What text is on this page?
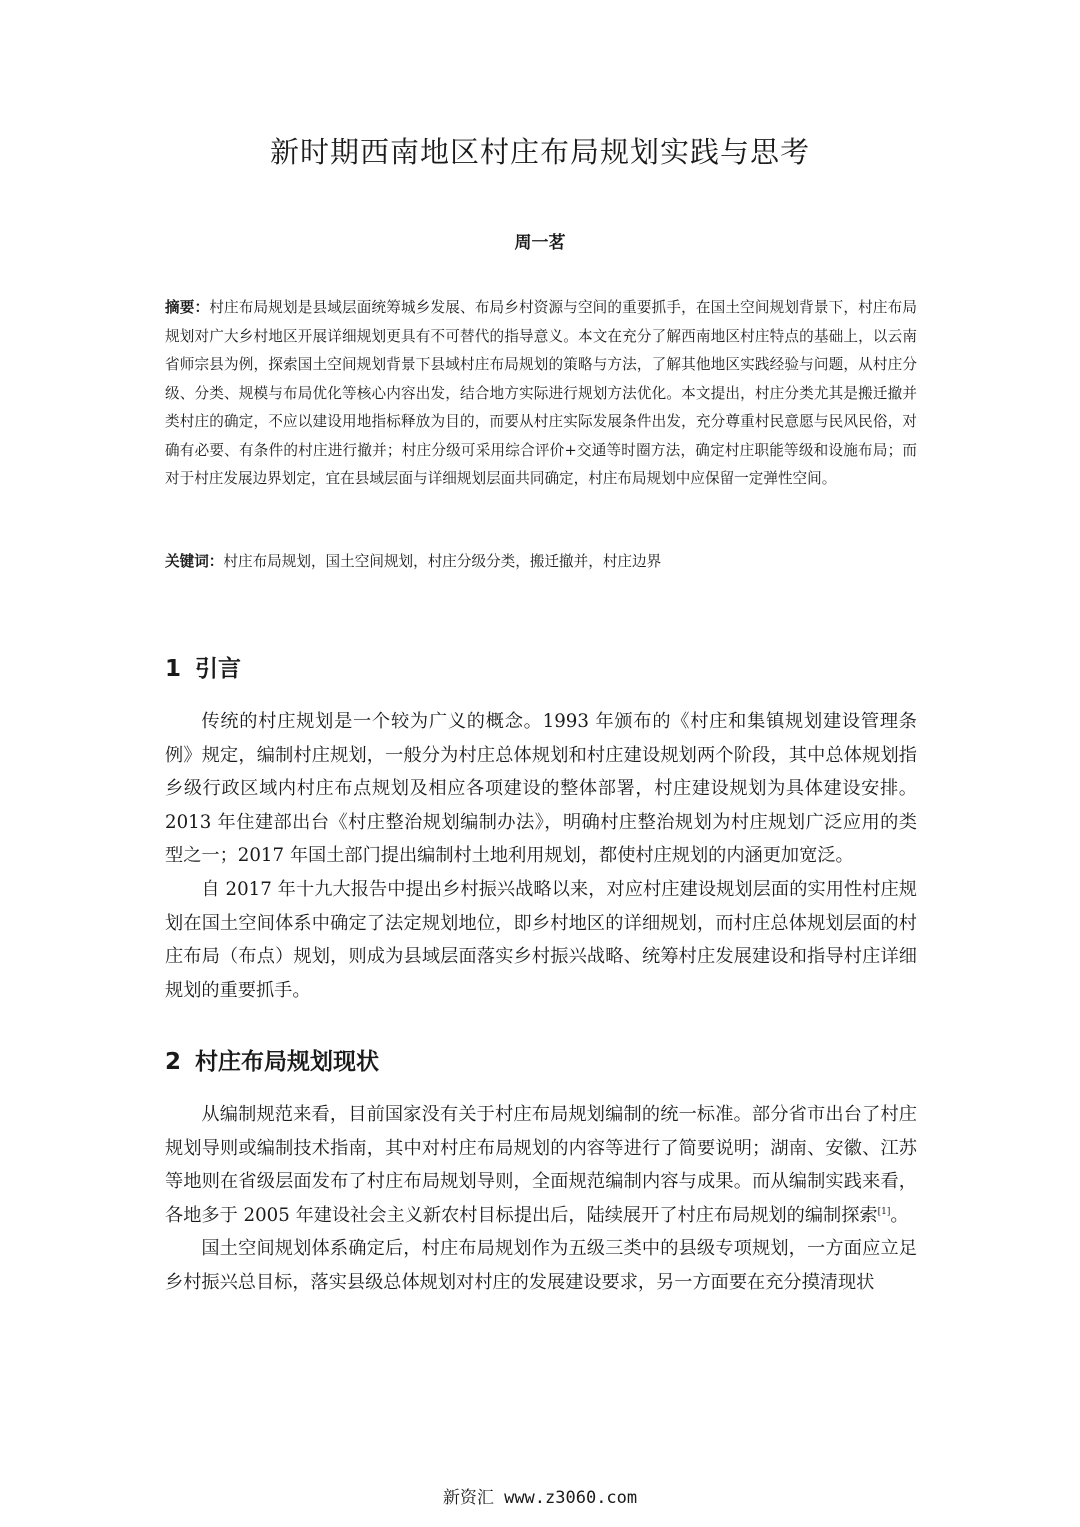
新时期西南地区村庄布局规划实践与思考
周一茗
摘要：村庄布局规划是县域层面统筹城乡发展、布局乡村资源与空间的重要抓手，在国土空间规划背景下，村庄布局规划对广大乡村地区开展详细规划更具有不可替代的指导意义。本文在充分了解西南地区村庄特点的基础上，以云南省师宗县为例，探索国土空间规划背景下县域村庄布局规划的策略与方法，了解其他地区实践经验与问题，从村庄分级、分类、规模与布局优化等核心内容出发，结合地方实际进行规划方法优化。本文提出，村庄分类尤其是搬迁撤并类村庄的确定，不应以建设用地指标释放为目的，而要从村庄实际发展条件出发，充分尊重村民意愿与民风民俗，对确有必要、有条件的村庄进行撤并；村庄分级可采用综合评价+交通等时圈方法，确定村庄职能等级和设施布局；而对于村庄发展边界划定，宜在县域层面与详细规划层面共同确定，村庄布局规划中应保留一定弹性空间。
关键词：村庄布局规划，国土空间规划，村庄分级分类，搬迁撤并，村庄边界
1 引言

传统的村庄规划是一个较为广义的概念。1993 年颁布的《村庄和集镇规划建设管理条例》规定，编制村庄规划，一般分为村庄总体规划和村庄建设规划两个阶段，其中总体规划指乡级行政区域内村庄布点规划及相应各项建设的整体部署，村庄建设规划为具体建设安排。2013 年住建部出台《村庄整治规划编制办法》，明确村庄整治规划为村庄规划广泛应用的类型之一；2017 年国土部门提出编制村土地利用规划，都使村庄规划的内涵更加宽泛。

自 2017 年十九大报告中提出乡村振兴战略以来，对应村庄建设规划层面的实用性村庄规划在国土空间体系中确定了法定规划地位，即乡村地区的详细规划，而村庄总体规划层面的村庄布局（布点）规划，则成为县域层面落实乡村振兴战略、统筹村庄发展建设和指导村庄详细规划的重要抓手。

2 村庄布局规划现状

从编制规范来看，目前国家没有关于村庄布局规划编制的统一标准。部分省市出台了村庄规划导则或编制技术指南，其中对村庄布局规划的内容等进行了简要说明；湖南、安徽、江苏等地则在省级层面发布了村庄布局规划导则，全面规范编制内容与成果。而从编制实践来看，各地多于 2005 年建设社会主义新农村目标提出后，陆续展开了村庄布局规划的编制探索[1]。

国土空间规划体系确定后，村庄布局规划作为五级三类中的县级专项规划，一方面应立足乡村振兴总目标，落实县级总体规划对村庄的发展建设要求，另一方面要在充分摸清现状

新资汇 www.z3060.com
